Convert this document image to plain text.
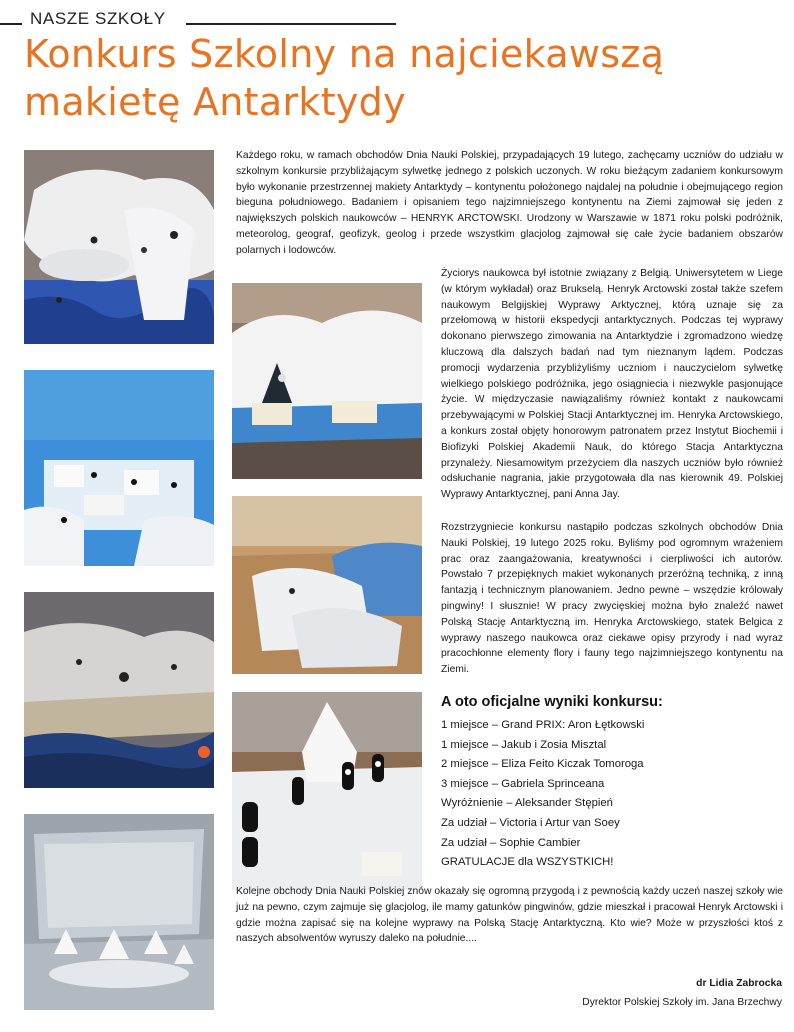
NASZE SZKOŁY
Konkurs Szkolny na najciekawszą makietę Antarktydy

Każdego roku, w ramach obchodów Dnia Nauki Polskiej, przypadających 19 lutego, zachęcamy uczniów do udziału w szkolnym konkursie przybliżającym sylwetkę jednego z polskich uczonych. W roku bieżącym zadaniem konkursowym było wykonanie przestrzennej makiety Antarktydy – kontynentu położonego najdalej na południe i obejmującego region bieguna południowego. Badaniem i opisaniem tego najzimniejszego kontynentu na Ziemi zajmował się jeden z największych polskich naukowców – HENRYK ARCTOWSKI. Urodzony w Warszawie w 1871 roku polski podróżnik, meteorolog, geograf, geofizyk, geolog i przede wszystkim glacjolog zajmował się całe życie badaniem obszarów polarnych i lodowców.

Życiorys naukowca był istotnie związany z Belgią. Uniwersytetem w Liege (w którym wykładał) oraz Brukselą. Henryk Arctowski został także szefem naukowym Belgijskiej Wyprawy Arktycznej, którą uznaje się za przełomową w historii ekspedycji antarktycznych. Podczas tej wyprawy dokonano pierwszego zimowania na Antarktydzie i zgromadzono wiedzę kluczową dla dalszych badań nad tym nieznanym lądem. Podczas promocji wydarzenia przybliżyliśmy uczniom i nauczycielom sylwetkę wielkiego polskiego podróżnika, jego osiągniecia i niezwykle pasjonujące życie. W międzyczasie nawiązaliśmy również kontakt z naukowcami przebywającymi w Polskiej Stacji Antarktycznej im. Henryka Arctowskiego, a konkurs został objęty honorowym patronatem przez Instytut Biochemii i Biofizyki Polskiej Akademii Nauk, do którego Stacja Antarktyczna przynależy. Niesamowitym przeżyciem dla naszych uczniów było również odsłuchanie nagrania, jakie przygotowała dla nas kierownik 49. Polskiej Wyprawy Antarktycznej, pani Anna Jay.

Rozstrzygniecie konkursu nastąpiło podczas szkolnych obchodów Dnia Nauki Polskiej, 19 lutego 2025 roku. Byliśmy pod ogromnym wrażeniem prac oraz zaangażowania, kreatywności i cierpliwości ich autorów. Powstało 7 przepięknych makiet wykonanych przeróżną techniką, z inną fantazją i technicznym planowaniem. Jedno pewne – wszędzie królowały pingwiny! I słusznie! W pracy zwycięskiej można było znaleźć nawet Polską Stację Antarktyczną im. Henryka Arctowskiego, statek Belgica z wyprawy naszego naukowca oraz ciekawe opisy przyrody i nad wyraz pracochłonne elementy flory i fauny tego najzimniejszego kontynentu na Ziemi.

A oto oficjalne wyniki konkursu:
1 miejsce – Grand PRIX: Aron Łętkowski
1 miejsce – Jakub i Zosia Misztal
2 miejsce – Eliza Feito Kiczak Tomoroga
3 miejsce – Gabriela Sprinceana
Wyróżnienie – Aleksander Stępień
Za udział – Victoria i Artur van Soey
Za udział – Sophie Cambier
GRATULACJE dla WSZYSTKICH!

Kolejne obchody Dnia Nauki Polskiej znów okazały się ogromną przygodą i z pewnością każdy uczeń naszej szkoły wie już na pewno, czym zajmuje się glacjolog, ile mamy gatunków pingwinów, gdzie mieszkał i pracował Henryk Arctowski i gdzie można zapisać się na kolejne wyprawy na Polską Stację Antarktyczną. Kto wie? Może w przyszłości ktoś z naszych absolwentów wyruszy daleko na południe....

dr Lidia Zabrocka
Dyrektor Polskiej Szkoły im. Jana Brzechwy
